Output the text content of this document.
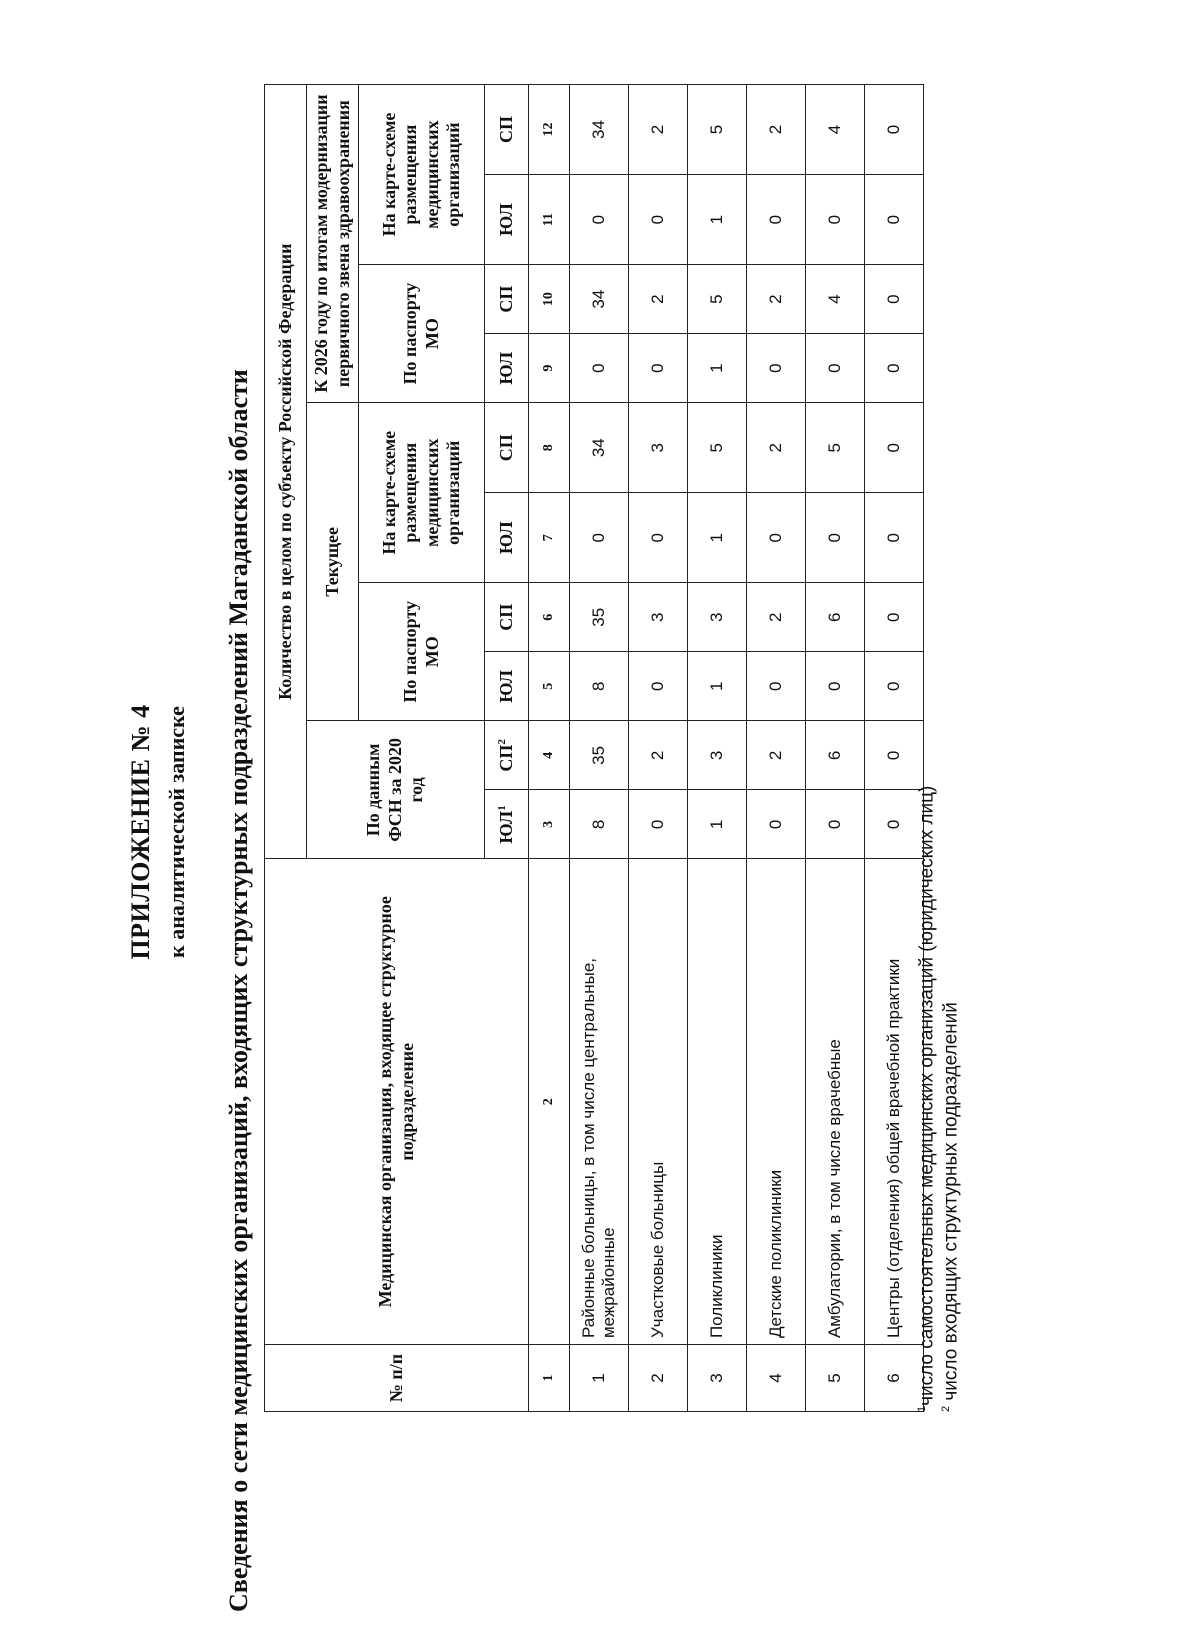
ПРИЛОЖЕНИЕ № 4 к аналитической записке Сведения о сети медицинских организаций, входящих структурных подразделений Магаданской области	№ п/п	Медицинская организация, входящее структурное подразделение	Количество в целом по субъекту Российской Федерации									
		По данным ФСН за 2020 год		Текущее				К 2026 году по итогам модернизации первичного звена здравоохранения			
				По паспорту МО		На карте-схеме размещения медицинских организаций		По паспорту МО		На карте-схеме размещения медицинских организаций	
		$ЮЛ^1$	$СП^2$	ЮЛ	СП	ЮЛ	СП	ЮЛ	СП	ЮЛ	СП
1	2	3	4	5	6	7	8	9	10	11	12
1	Районные больницы, в том числе центральные, межрайонные	8	35	8	35	0	34	0	34	0	34
2	Участковые больницы	0	2	0	3	0	3	0	2	0	2
3	Поликлиники	1	3	1	3	1	5	1	5	1	5
4	Детские поликлиники	0	2	0	2	0	2	0	2	0	2
5	Амбулатории, в том числе врачебные	0	6	0	6	0	5	0	4	0	4
6	Центры (отделения) общей врачебной практики	0	0	0	0	0	0	0	0	0	0
$^1$число самостоятельных медицинских организаций (юридических лиц)
$^2$ число входящих структурных подразделений
